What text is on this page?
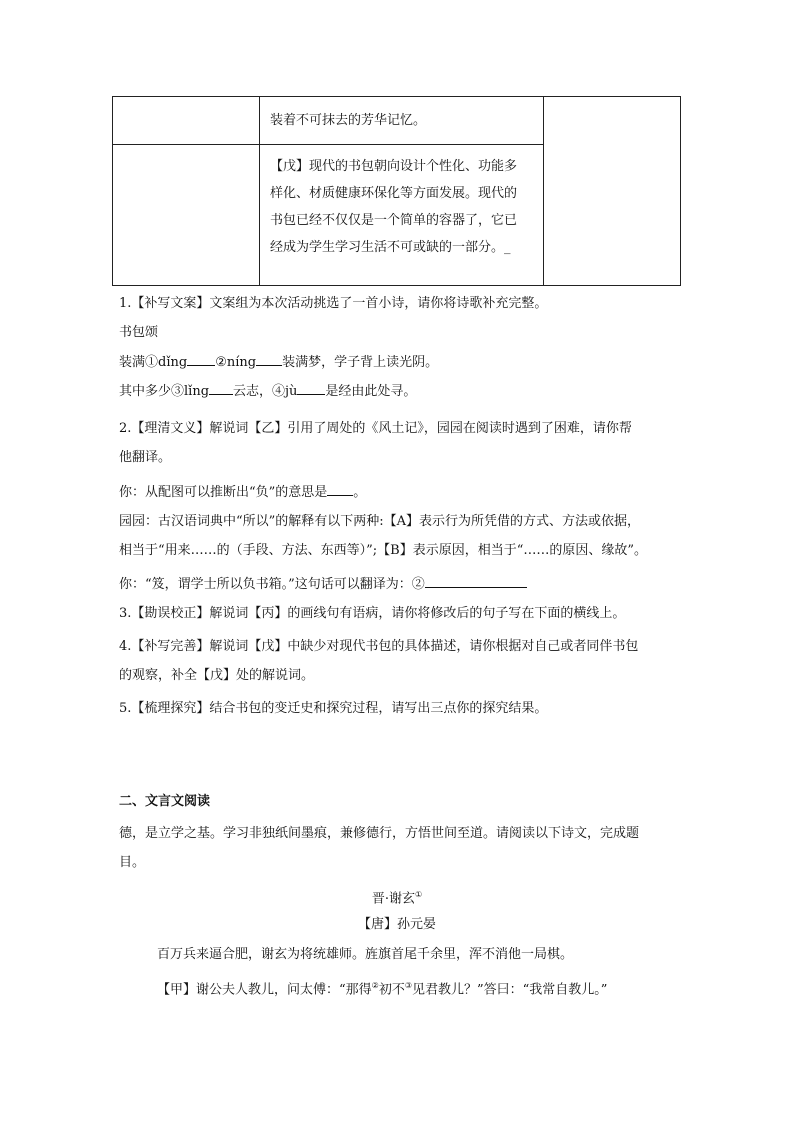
装着不可抹去的芳华记忆。
【戊】现代的书包朝向设计个性化、功能多
样化、材质健康环保化等方面发展。现代的
书包已经不仅仅是一个简单的容器了，它已
经成为学生学习生活不可或缺的一部分。_
1.【补写文案】文案组为本次活动挑选了一首小诗，请你将诗歌补充完整。
书包颂
装满①dǐng ②níng 装满梦，学子背上读光阴。
其中多少③lǐng 云志，④jù 是经由此处寻。
2.【理清文义】解说词【乙】引用了周处的《风土记》，园园在阅读时遇到了困难，请你帮
他翻译。
你：从配图可以推断出“负”的意思是 。
园园：古汉语词典中“所以”的解释有以下两种:【A】表示行为所凭借的方式、方法或依据，
相当于“用来……的（手段、方法、东西等）”;【B】表示原因，相当于“……的原因、缘故”。
你：“笈，谓学士所以负书箱。”这句话可以翻译为：②
3.【勘误校正】解说词【丙】的画线句有语病，请你将修改后的句子写在下面的横线上。
4.【补写完善】解说词【戊】中缺少对现代书包的具体描述，请你根据对自己或者同伴书包
的观察，补全【戊】处的解说词。
5.【梳理探究】结合书包的变迁史和探究过程，请写出三点你的探究结果。
二、文言文阅读
德，是立学之基。学习非独纸间墨痕，兼修德行，方悟世间至道。请阅读以下诗文，完成题
目。
晋·谢玄①
【唐】孙元晏
百万兵来逼合肥，谢玄为将统雄师。旌旗首尾千余里，浑不消他一局棋。
【甲】谢公夫人教儿，问太傅：“那得②初不③见君教儿？”答曰：“我常自教儿。”
